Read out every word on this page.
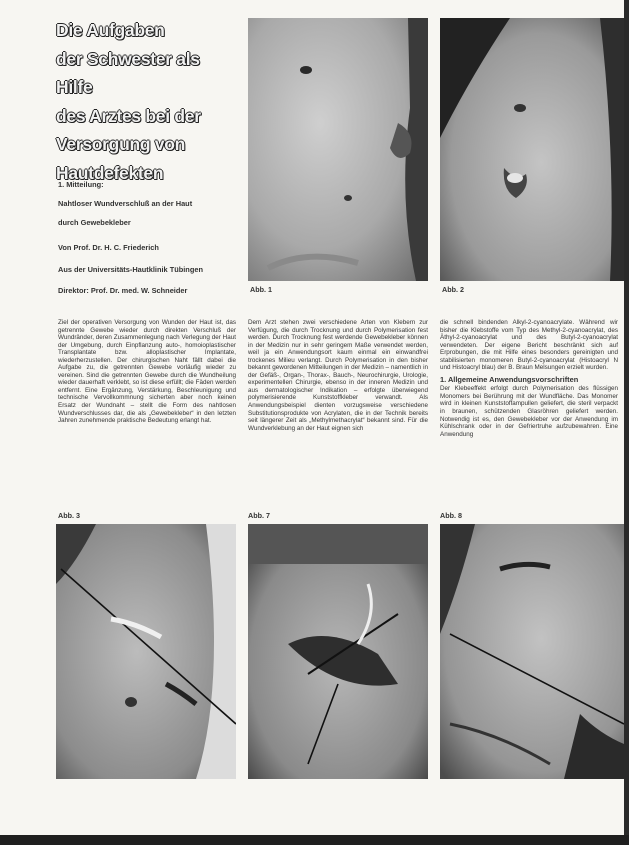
Die Aufgaben
der Schwester als Hilfe
des Arztes bei der
Versorgung von
Hautdefekten
1. Mitteilung:
Nahtloser Wundverschluß an der Haut
durch Gewebekleber
Von Prof. Dr. H. C. Friederich
Aus der Universitäts-Hautklinik Tübingen
Direktor: Prof. Dr. med. W. Schneider	Abb. 1	Abb. 2

Ziel der operativen Versorgung von Wunden der Haut ist, das getrennte Gewebe wieder durch direkten Verschluß der Wundränder, deren Zusammenlegung nach Verlegung der Haut der Umgebung, durch Einpflanzung auto-, homoioplastischer Transplantate bzw. alloplastischer Implantate, wiederherzustellen. Der chirurgischen Naht fällt dabei die Aufgabe zu, die getrennten Gewebe vorläufig wieder zu vereinen. Sind die getrennten Gewebe durch die Wundheilung wieder dauerhaft verklebt, so ist diese erfüllt; die Fäden werden entfernt. Eine Ergänzung, Verstärkung, Beschleunigung und technische Vervollkommnung sicherten aber noch keinen Ersatz der Wundnaht – stellt die Form des nahtlosen Wundverschlusses dar, die als „Gewebekleber“ in den letzten Jahren zunehmende praktische Bedeutung erlangt hat.

Dem Arzt stehen zwei verschiedene Arten von Klebern zur Verfügung, die durch Trocknung und durch Polymerisation fest werden. Durch Trocknung fest werdende Gewebekleber können in der Medizin nur in sehr geringem Maße verwendet werden, weil ja ein Anwendungsort kaum einmal ein einwandfrei trockenes Milieu verlangt. Durch Polymerisation in den bisher bekannt gewordenen Mitteilungen in der Medizin – namentlich in der Gefäß-, Organ-, Thorax-, Bauch-, Neurochirurgie, Urologie, experimentellen Chirurgie, ebenso in der inneren Medizin und aus dermatologischer Indikation – erfolgte überwiegend polymerisierende Kunststoffkleber verwandt. Als Anwendungsbeispiel dienten vorzugsweise verschiedene Substitutionsprodukte von Acrylaten, die in der Technik bereits seit längerer Zeit als „Methylmethacrylat“ bekannt sind. Für die Wundverklebung an der Haut eignen sich

die schnell bindenden Alkyl-2-cyanoacrylate. Während wir bisher die Klebstoffe vom Typ des Methyl-2-cyanoacrylat, des Äthyl-2-cyanoacrylat und des Butyl-2-cyanoacrylat verwendeten. Der eigene Bericht beschränkt sich auf Erprobungen, die mit Hilfe eines besonders gereinigten und stabilisierten monomeren Butyl-2-cyanoacrylat (Histoacryl N und Histoacryl blau) der B. Braun Melsungen erzielt wurden.

1. Allgemeine Anwendungsvorschriften

Der Klebeeffekt erfolgt durch Polymerisation des flüssigen Monomers bei Berührung mit der Wundfläche. Das Monomer wird in kleinen Kunststoffampullen geliefert, die steril verpackt in braunen, schützenden Glasröhren geliefert werden. Notwendig ist es, den Gewebekleber vor der Anwendung im Kühlschrank oder in der Gefriertruhe aufzubewahren. Eine Anwendung

Abb. 3	Abb. 7	Abb. 8
